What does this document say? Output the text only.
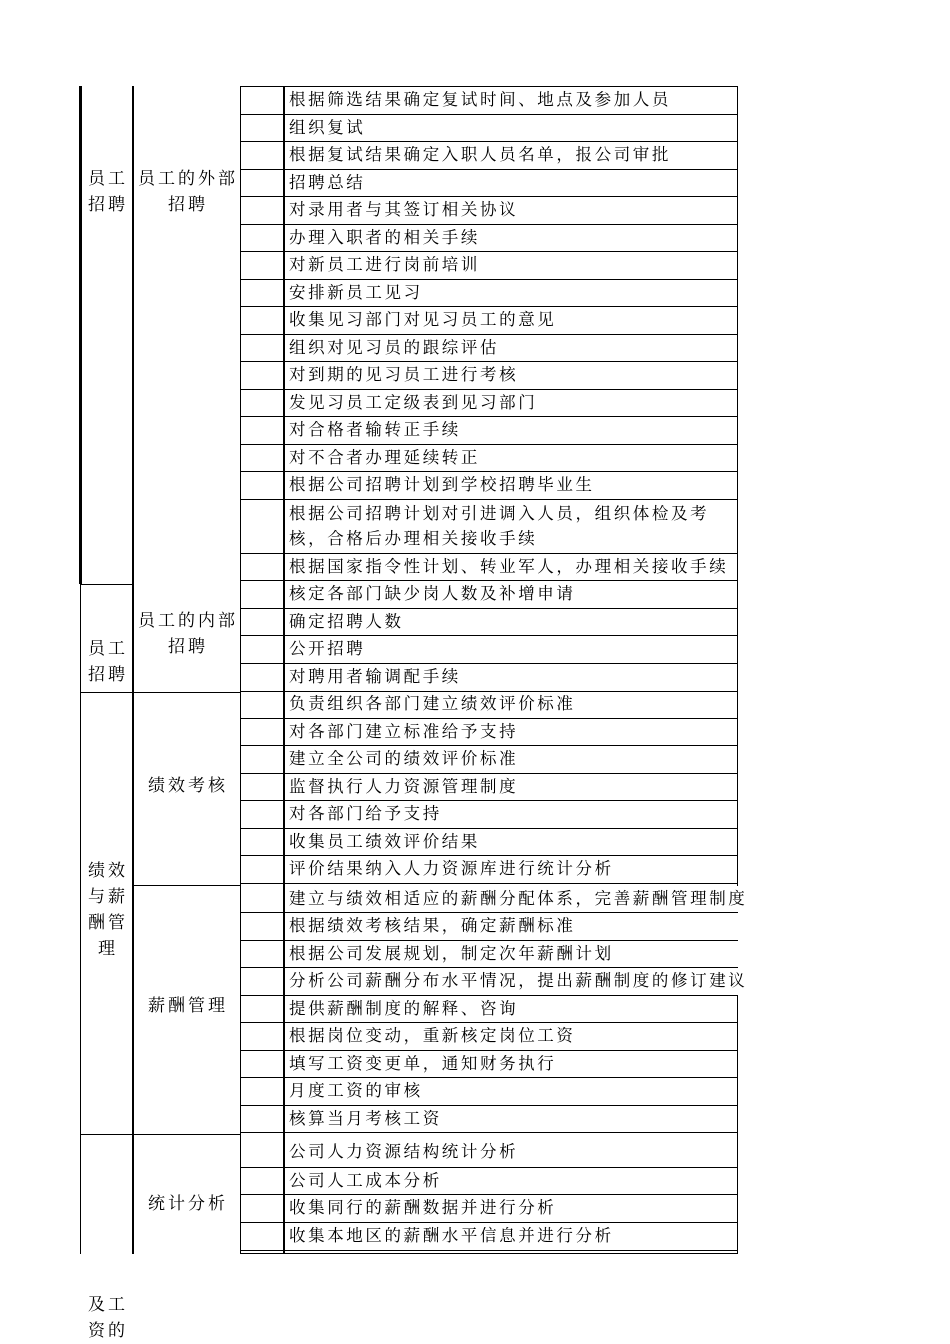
员工
招聘
员工的外部
招聘
员工
招聘
员工的内部
招聘
绩效
与薪
酬管
理
绩效考核
薪酬管理
统计分析
及工
资的
根据筛选结果确定复试时间、地点及参加人员
组织复试
根据复试结果确定入职人员名单，报公司审批
招聘总结
对录用者与其签订相关协议
办理入职者的相关手续
对新员工进行岗前培训
安排新员工见习
收集见习部门对见习员工的意见
组织对见习员的跟综评估
对到期的见习员工进行考核
发见习员工定级表到见习部门
对合格者输转正手续
对不合者办理延续转正
根据公司招聘计划到学校招聘毕业生
根据公司招聘计划对引进调入人员，组织体检及考
核，合格后办理相关接收手续
根据国家指令性计划、转业军人，办理相关接收手续
核定各部门缺少岗人数及补增申请
确定招聘人数
公开招聘
对聘用者输调配手续
负责组织各部门建立绩效评价标准
对各部门建立标准给予支持
建立全公司的绩效评价标准
监督执行人力资源管理制度
对各部门给予支持
收集员工绩效评价结果
评价结果纳入人力资源库进行统计分析
建立与绩效相适应的薪酬分配体系，完善薪酬管理制度
根据绩效考核结果，确定薪酬标准
根据公司发展规划，制定次年薪酬计划
分析公司薪酬分布水平情况，提出薪酬制度的修订建议
提供薪酬制度的解释、咨询
根据岗位变动，重新核定岗位工资
填写工资变更单，通知财务执行
月度工资的审核
核算当月考核工资
公司人力资源结构统计分析
公司人工成本分析
收集同行的薪酬数据并进行分析
收集本地区的薪酬水平信息并进行分析
